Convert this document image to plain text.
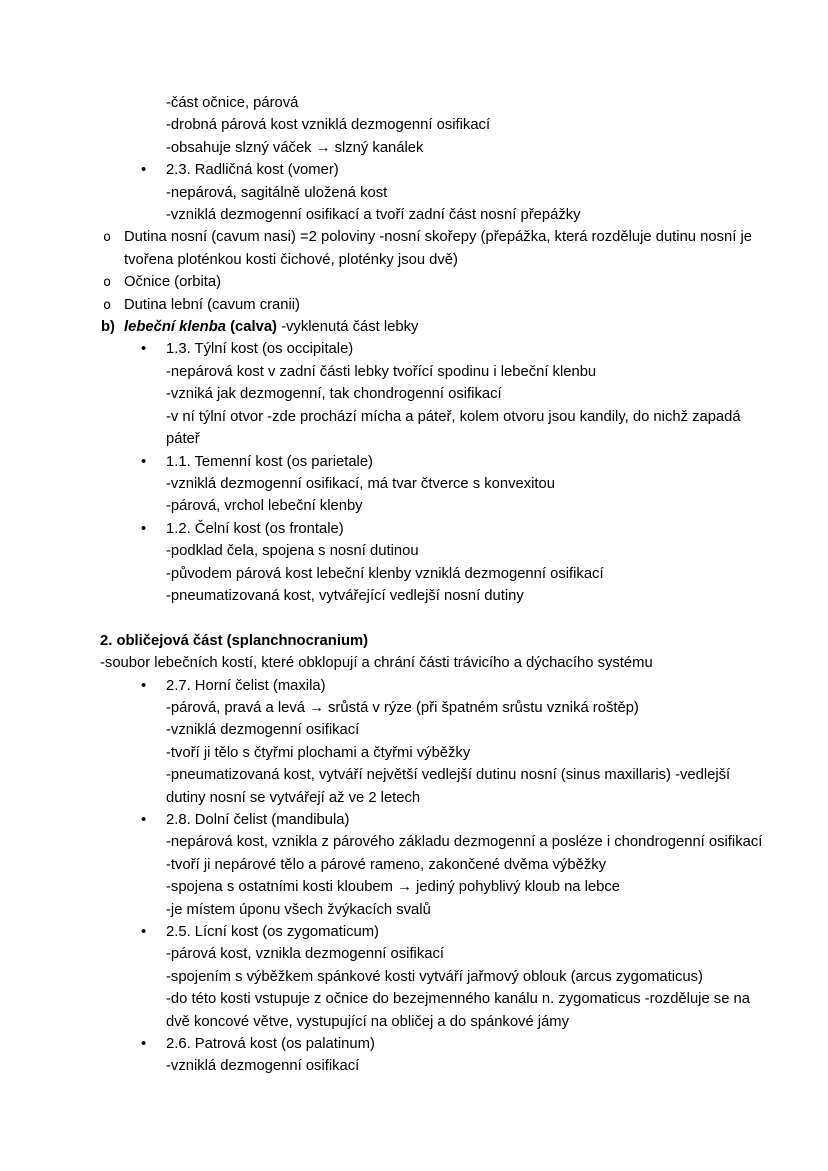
-část očnice, párová
-drobná párová kost vzniklá dezmogenní osifikací
-obsahuje slzný váček → slzný kanálek
• 2.3. Radličná kost (vomer)
-nepárová, sagitálně uložená kost
-vzniklá dezmogenní osifikací a tvoří zadní část nosní přepážky
o Dutina nosní (cavum nasi) =2 poloviny -nosní skořepy (přepážka, která rozděluje dutinu nosní je tvořena ploténkou kosti čichové, ploténky jsou dvě)
o Očnice (orbita)
o Dutina lební (cavum cranii)
b) lebeční klenba (calva) -vyklenutá část lebky
• 1.3. Týlní kost (os occipitale)
-nepárová kost v zadní části lebky tvořící spodinu i lebeční klenbu
-vzniká jak dezmogenní, tak chondrogenní osifikací
-v ní týlní otvor -zde prochází mícha a páteř, kolem otvoru jsou kandily, do nichž zapadá páteř
• 1.1. Temenní kost (os parietale)
-vzniklá dezmogenní osifikací, má tvar čtverce s konvexitou
-párová, vrchol lebeční klenby
• 1.2. Čelní kost (os frontale)
-podklad čela, spojena s nosní dutinou
-původem párová kost lebeční klenby vzniklá dezmogenní osifikací
-pneumatizovaná kost, vytvářející vedlejší nosní dutiny
2. obličejová část (splanchnocranium)
-soubor lebečních kostí, které obklopují a chrání části trávicího a dýchacího systému
• 2.7. Horní čelist (maxila)
-párová, pravá a levá → srůstá v rýze (při špatném srůstu vzniká roštěp)
-vzniklá dezmogenní osifikací
-tvoří ji tělo s čtyřmi plochami a čtyřmi výběžky
-pneumatizovaná kost, vytváří největší vedlejší dutinu nosní (sinus maxillaris) -vedlejší dutiny nosní se vytvářejí až ve 2 letech
• 2.8. Dolní čelist (mandibula)
-nepárová kost, vznikla z párového základu dezmogenní a posléze i chondrogenní osifikací
-tvoří ji nepárové tělo a párové rameno, zakončené dvěma výběžky
-spojena s ostatními kosti kloubem → jediný pohyblivý kloub na lebce
-je místem úponu všech žvýkacích svalů
• 2.5. Lícní kost (os zygomaticum)
-párová kost, vznikla dezmogenní osifikací
-spojením s výběžkem spánkové kosti vytváří jařmový oblouk (arcus zygomaticus)
-do této kosti vstupuje z očnice do bezejmenného kanálu n. zygomaticus -rozděluje se na dvě koncové větve, vystupující na obličej a do spánkové jámy
• 2.6. Patrová kost (os palatinum)
-vzniklá dezmogenní osifikací
